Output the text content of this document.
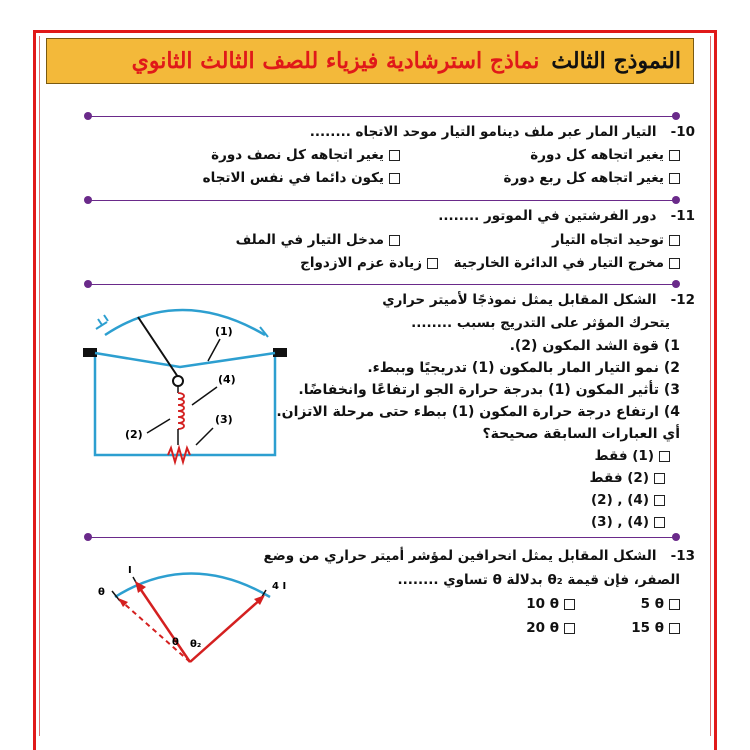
النموذج الثالث
نماذج استرشادية فيزياء للصف الثالث الثانوي
10-   التيار المار عبر ملف دينامو التيار موحد الاتجاه ........
يغير اتجاهه كل دورة
يغير اتجاهه كل نصف دورة
يغير اتجاهه كل ربع دورة
يكون دائما في نفس الاتجاه
11-   دور الفرشتين في الموتور ........
توحيد اتجاه التيار
مدخل التيار في الملف
مخرج التيار في الدائرة الخارجية
زيادة عزم الازدواج
12-   الشكل المقابل يمثل نموذجًا لأميتر حراري
يتحرك المؤثر على التدريج بسبب ........
1) قوة الشد المكون (2).
2) نمو التيار المار بالمكون (1) تدريجيًا وببطء.
3) تأثير المكون (1) بدرجة حرارة الجو ارتفاعًا وانخفاضًا.
4) ارتفاع درجة حرارة المكون (1) ببطء حتى مرحلة الاتزان.
أي العبارات السابقة صحيحة؟
(1) فقط
(2) فقط
(2) , (4)
(3) , (4)
(1)
(4)
(3)
(2)
13-   الشكل المقابل يمثل انحرافين لمؤشر أميتر حراري من وضع
الصفر، فإن قيمة θ₂ بدلالة θ تساوي ........
5 θ
10 θ
15 θ
20 θ
I
4 I
θ
θ θ₂
